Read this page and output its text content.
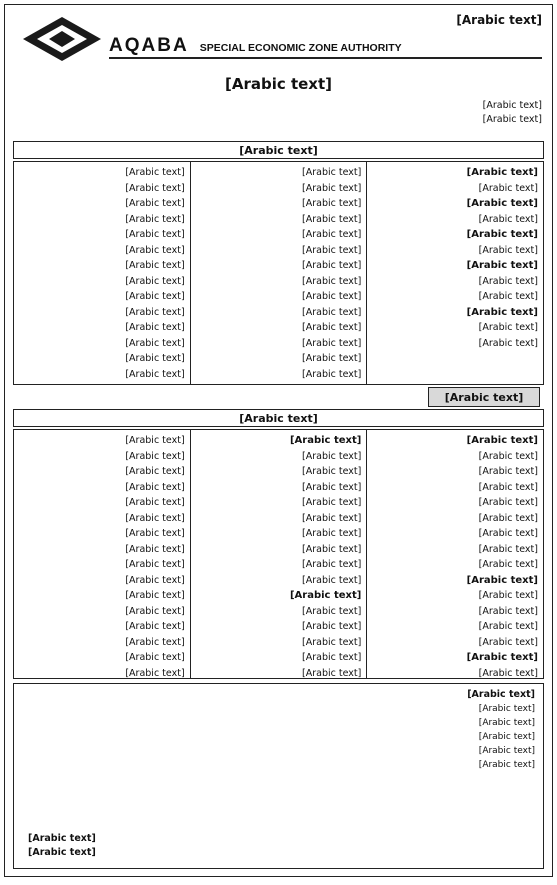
[Arabic text]
AQABA SPECIAL ECONOMIC ZONE AUTHORITY
[Arabic text]
[Arabic text]
[Arabic text]
[Arabic text]
[Arabic text]
[Arabic text]
[Arabic text]
[Arabic text]
[Arabic text]
[Arabic text]
[Arabic text]
[Arabic text]
[Arabic text]
[Arabic text]
[Arabic text]
[Arabic text]
[Arabic text]
[Arabic text]
[Arabic text]
[Arabic text]
[Arabic text]
[Arabic text]
[Arabic text]
[Arabic text]
[Arabic text]
[Arabic text]
[Arabic text]
[Arabic text]
[Arabic text]
[Arabic text]
[Arabic text]
[Arabic text]
[Arabic text]
[Arabic text]
[Arabic text]
[Arabic text]
[Arabic text]
[Arabic text]
[Arabic text]
[Arabic text]
[Arabic text]
[Arabic text]
[Arabic text]
[Arabic text]
[Arabic text]
[Arabic text]
[Arabic text]
[Arabic text]
[Arabic text]
[Arabic text]
[Arabic text]
[Arabic text]
[Arabic text]
[Arabic text]
[Arabic text]
[Arabic text]
[Arabic text]
[Arabic text]
[Arabic text]
[Arabic text]
[Arabic text]
[Arabic text]
[Arabic text]
[Arabic text]
[Arabic text]
[Arabic text]
[Arabic text]
[Arabic text]
[Arabic text]
[Arabic text]
[Arabic text]
[Arabic text]
[Arabic text]
[Arabic text]
[Arabic text]
[Arabic text]
[Arabic text]
[Arabic text]
[Arabic text]
[Arabic text]
[Arabic text]
[Arabic text]
[Arabic text]
[Arabic text]
[Arabic text]
[Arabic text]
[Arabic text]
[Arabic text]
[Arabic text]
[Arabic text]
[Arabic text]
[Arabic text]
[Arabic text]
[Arabic text]
[Arabic text]
[Arabic text]
[Arabic text]
[Arabic text]
[Arabic text]
[Arabic text]
[Arabic text]
[Arabic text]
